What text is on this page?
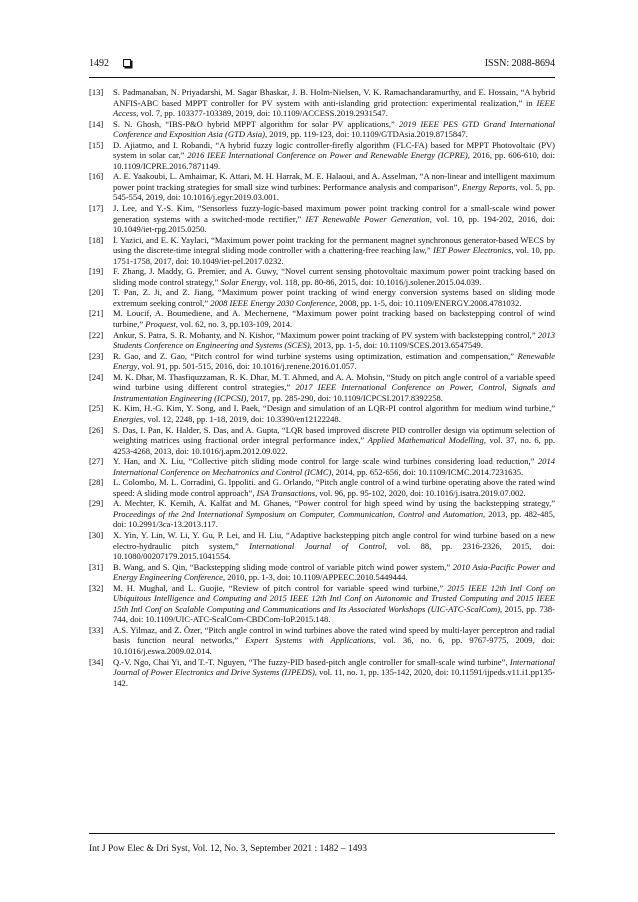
1492	ISSN: 2088-8694

[13] S. Padmanaban, N. Priyadarshi, M. Sagar Bhaskar, J. B. Holm-Nielsen, V. K. Ramachandaramurthy, and E. Hossain, “A hybrid ANFIS-ABC based MPPT controller for PV system with anti-islanding grid protection: experimental realization,” in IEEE Access, vol. 7, pp. 103377-103389, 2019, doi: 10.1109/ACCESS.2019.2931547.

[14] S. N. Ghosh, “IBS-P&O hybrid MPPT algorithm for solar PV applications,” 2019 IEEE PES GTD Grand International Conference and Exposition Asia (GTD Asia), 2019, pp. 119-123, doi: 10.1109/GTDAsia.2019.8715847.

[15] D. Ajiatmo, and I. Robandi, “A hybrid fuzzy logic controller-firefly algorithm (FLC-FA) based for MPPT Photovoltaic (PV) system in solar car,” 2016 IEEE International Conference on Power and Renewable Energy (ICPRE), 2016, pp. 606-610, doi: 10.1109/ICPRE.2016.7871149.

[16] A. E. Yaakoubi, L. Amhaimar, K. Attari, M. H. Harrak, M. E. Halaoui, and A. Asselman, “A non-linear and intelligent maximum power point tracking strategies for small size wind turbines: Performance analysis and comparison”, Energy Reports, vol. 5, pp. 545-554, 2019, doi: 10.1016/j.egyr.2019.03.001.

[17] J. Lee, and Y.-S. Kim, “Sensorless fuzzy-logic-based maximum power point tracking control for a small-scale wind power generation systems with a switched-mode rectifier,” IET Renewable Power Generation, vol. 10, pp. 194-202, 2016, doi: 10.1049/iet-rpg.2015.0250.

[18] İ. Yazici, and E. K. Yaylaci, “Maximum power point tracking for the permanent magnet synchronous generator-based WECS by using the discrete-time integral sliding mode controller with a chattering-free reaching law,” IET Power Electronics, vol. 10, pp. 1751-1758, 2017, doi: 10.1049/iet-pel.2017.0232.

[19] F. Zhang, J. Maddy, G. Premier, and A. Guwy, “Novel current sensing photovoltaic maximum power point tracking based on sliding mode control strategy,” Solar Energy, vol. 118, pp. 80-86, 2015, doi: 10.1016/j.solener.2015.04.039.

[20] T. Pan, Z. Ji, and Z. Jiang, “Maximum power point tracking of wind energy conversion systems based on sliding mode extremum seeking control,” 2008 IEEE Energy 2030 Conference, 2008, pp. 1-5, doi: 10.1109/ENERGY.2008.4781032.

[21] M. Loucif, A. Boumediene, and A. Mechernene, “Maximum power point tracking based on backstepping control of wind turbine,” Proquest, vol. 62, no. 3, pp.103-109, 2014.

[22] Ankur, S. Patra, S. R. Mohanty, and N. Kishor, “Maximum power point tracking of PV system with backstepping control,” 2013 Students Conference on Engineering and Systems (SCES), 2013, pp. 1-5, doi: 10.1109/SCES.2013.6547549.

[23] R. Gao, and Z. Gao, “Pitch control for wind turbine systems using optimization, estimation and compensation,” Renewable Energy, vol. 91, pp. 501-515, 2016, doi: 10.1016/j.renene.2016.01.057.

[24] M. K. Dhar, M. Thasfiquzzaman, R. K. Dhar, M. T. Ahmed, and A. A. Mohsin, “Study on pitch angle control of a variable speed wind turbine using different control strategies,” 2017 IEEE International Conference on Power, Control, Signals and Instrumentation Engineering (ICPCSI), 2017, pp. 285-290, doi: 10.1109/ICPCSI.2017.8392258.

[25] K. Kim, H.-G. Kim, Y. Song, and I. Paek, “Design and simulation of an LQR-PI control algorithm for medium wind turbine,” Energies, vol. 12, 2248, pp. 1-18, 2019, doi: 10.3390/en12122248.

[26] S. Das, I. Pan, K. Halder, S. Das, and A. Gupta, “LQR based improved discrete PID controller design via optimum selection of weighting matrices using fractional order integral performance index,” Applied Mathematical Modelling, vol. 37, no. 6, pp. 4253-4268, 2013, doi: 10.1016/j.apm.2012.09.022.

[27] Y. Han, and X. Liu, “Collective pitch sliding mode control for large scale wind turbines considering load reduction,” 2014 International Conference on Mechatronics and Control (ICMC), 2014, pp. 652-656, doi: 10.1109/ICMC.2014.7231635.

[28] L. Colombo, M. L. Corradini, G. Ippoliti. and G. Orlando, “Pitch angle control of a wind turbine operating above the rated wind speed: A sliding mode control approach”, ISA Transactions, vol. 96, pp. 95-102, 2020, doi: 10.1016/j.isatra.2019.07.002.

[29] A. Mechter, K. Kemih, A. Kalfat and M. Ghanes, “Power control for high speed wind by using the backstepping strategy,” Proceedings of the 2nd International Symposium on Computer, Communication, Control and Automation, 2013, pp. 482-485, doi: 10.2991/3ca-13.2013.117.

[30] X. Yin, Y. Lin, W. Li, Y. Gu, P. Lei, and H. Liu, “Adaptive backstepping pitch angle control for wind turbine based on a new electro-hydraulic pitch system,” International Journal of Control, vol. 88, pp. 2316-2326, 2015, doi: 10.1080/00207179.2015.1041554.

[31] B. Wang, and S. Qin, “Backstepping sliding mode control of variable pitch wind power system,” 2010 Asia-Pacific Power and Energy Engineering Conference, 2010, pp. 1-3, doi: 10.1109/APPEEC.2010.5449444.

[32] M. H. Mughal, and L. Guojie, “Review of pitch control for variable speed wind turbine,” 2015 IEEE 12th Intl Conf on Ubiquitous Intelligence and Computing and 2015 IEEE 12th Intl Conf on Autonomic and Trusted Computing and 2015 IEEE 15th Intl Conf on Scalable Computing and Communications and Its Associated Workshops (UIC-ATC-ScalCom), 2015, pp. 738-744, doi: 10.1109/UIC-ATC-ScalCom-CBDCom-IoP.2015.148.

[33] A.S. Yilmaz, and Z. Özer, “Pitch angle control in wind turbines above the rated wind speed by multi-layer perceptron and radial basis function neural networks,” Expert Systems with Applications, vol. 36, no. 6, pp. 9767-9775, 2009, doi: 10.1016/j.eswa.2009.02.014.

[34] Q.-V. Ngo, Chai Yi, and T.-T. Nguyen, “The fuzzy-PID based-pitch angle controller for small-scale wind turbine”, International Journal of Power Electronics and Drive Systems (IJPEDS), vol. 11, no. 1, pp. 135-142, 2020, doi: 10.11591/ijpeds.v11.i1.pp135-142.

Int J Pow Elec & Dri Syst, Vol. 12, No. 3, September 2021 : 1482 – 1493
